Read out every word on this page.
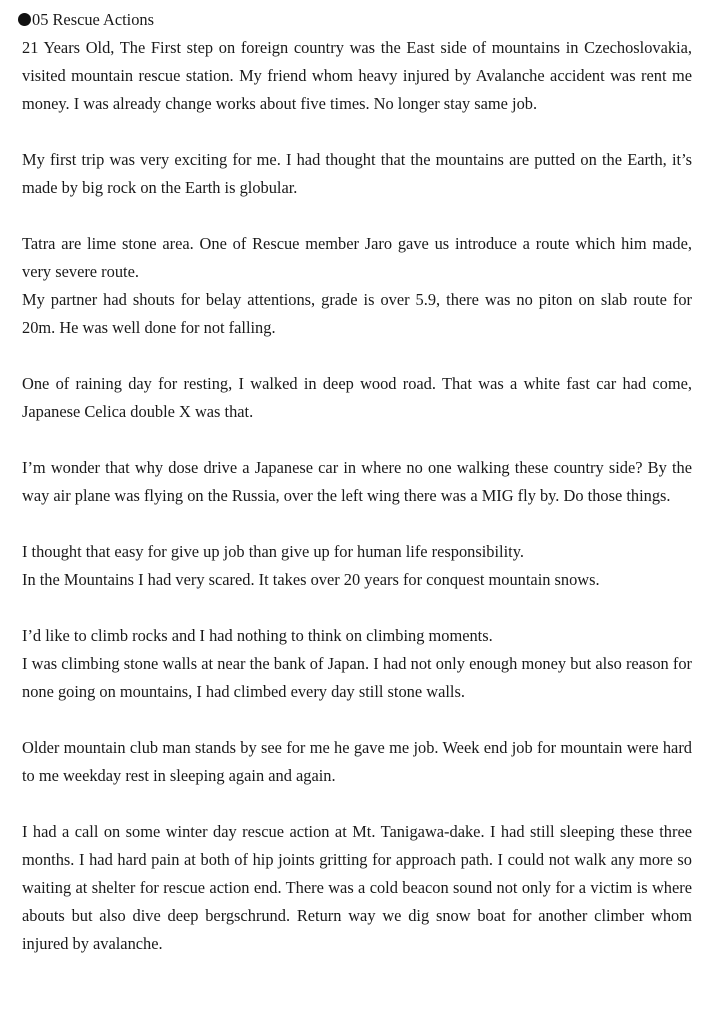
05 Rescue Actions

21 Years Old, The First step on foreign country was the East side of mountains in Czechoslovakia, visited mountain rescue station. My friend whom heavy injured by Avalanche accident was rent me money. I was already change works about five times. No longer stay same job.

My first trip was very exciting for me. I had thought that the mountains are putted on the Earth, it’s made by big rock on the Earth is globular.

Tatra are lime stone area. One of Rescue member Jaro gave us introduce a route which him made, very severe route.
My partner had shouts for belay attentions, grade is over 5.9, there was no piton on slab route for 20m. He was well done for not falling.

One of raining day for resting, I walked in deep wood road. That was a white fast car had come, Japanese Celica double X was that.

I’m wonder that why dose drive a Japanese car in where no one walking these country side? By the way air plane was flying on the Russia, over the left wing there was a MIG fly by. Do those things.

I thought that easy for give up job than give up for human life responsibility.
In the Mountains I had very scared. It takes over 20 years for conquest mountain snows.

I’d like to climb rocks and I had nothing to think on climbing moments.
I was climbing stone walls at near the bank of Japan. I had not only enough money but also reason for none going on mountains, I had climbed every day still stone walls.

Older mountain club man stands by see for me he gave me job. Week end job for mountain were hard to me weekday rest in sleeping again and again.

I had a call on some winter day rescue action at Mt. Tanigawa-dake. I had still sleeping these three months. I had hard pain at both of hip joints gritting for approach path. I could not walk any more so waiting at shelter for rescue action end. There was a cold beacon sound not only for a victim is where abouts but also dive deep bergschrund. Return way we dig snow boat for another climber whom injured by avalanche.
